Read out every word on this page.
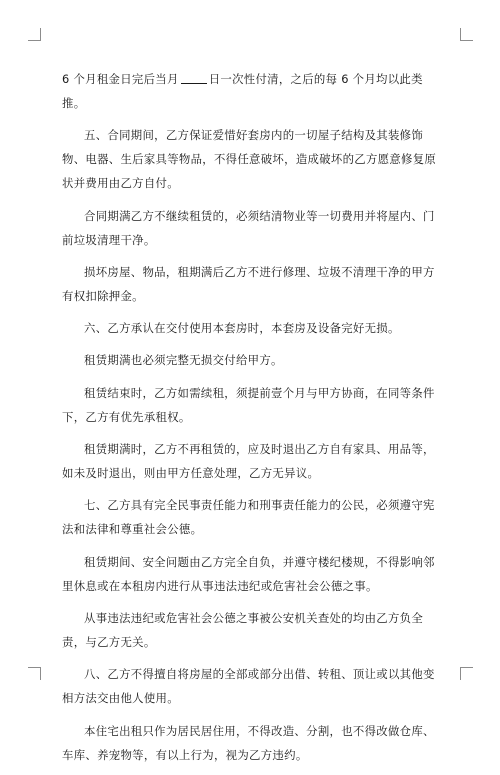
6 个月租金日完后当月	日一次性付清，之后的每 6 个月均以此类推。

五、合同期间，乙方保证爱惜好套房内的一切屋子结构及其装修饰物、电器、生后家具等物品，不得任意破坏，造成破坏的乙方愿意修复原状并费用由乙方自付。

合同期满乙方不继续租赁的，必须结清物业等一切费用并将屋内、门前垃圾清理干净。

损坏房屋、物品，租期满后乙方不进行修理、垃圾不清理干净的甲方有权扣除押金。

六、乙方承认在交付使用本套房时，本套房及设备完好无损。

租赁期满也必须完整无损交付给甲方。

租赁结束时，乙方如需续租，须提前壹个月与甲方协商，在同等条件下，乙方有优先承租权。

租赁期满时，乙方不再租赁的，应及时退出乙方自有家具、用品等，如未及时退出，则由甲方任意处理，乙方无异议。

七、乙方具有完全民事责任能力和刑事责任能力的公民，必须遵守宪法和法律和尊重社会公德。

租赁期间、安全问题由乙方完全自负，并遵守楼纪楼规，不得影响邻里休息或在本租房内进行从事违法违纪或危害社会公德之事。

从事违法违纪或危害社会公德之事被公安机关查处的均由乙方负全责，与乙方无关。

八、乙方不得擅自将房屋的全部或部分出借、转租、顶让或以其他变相方法交由他人使用。

本住宅出租只作为居民居住用，不得改造、分割，也不得改做仓库、车库、养宠物等，有以上行为，视为乙方违约。
